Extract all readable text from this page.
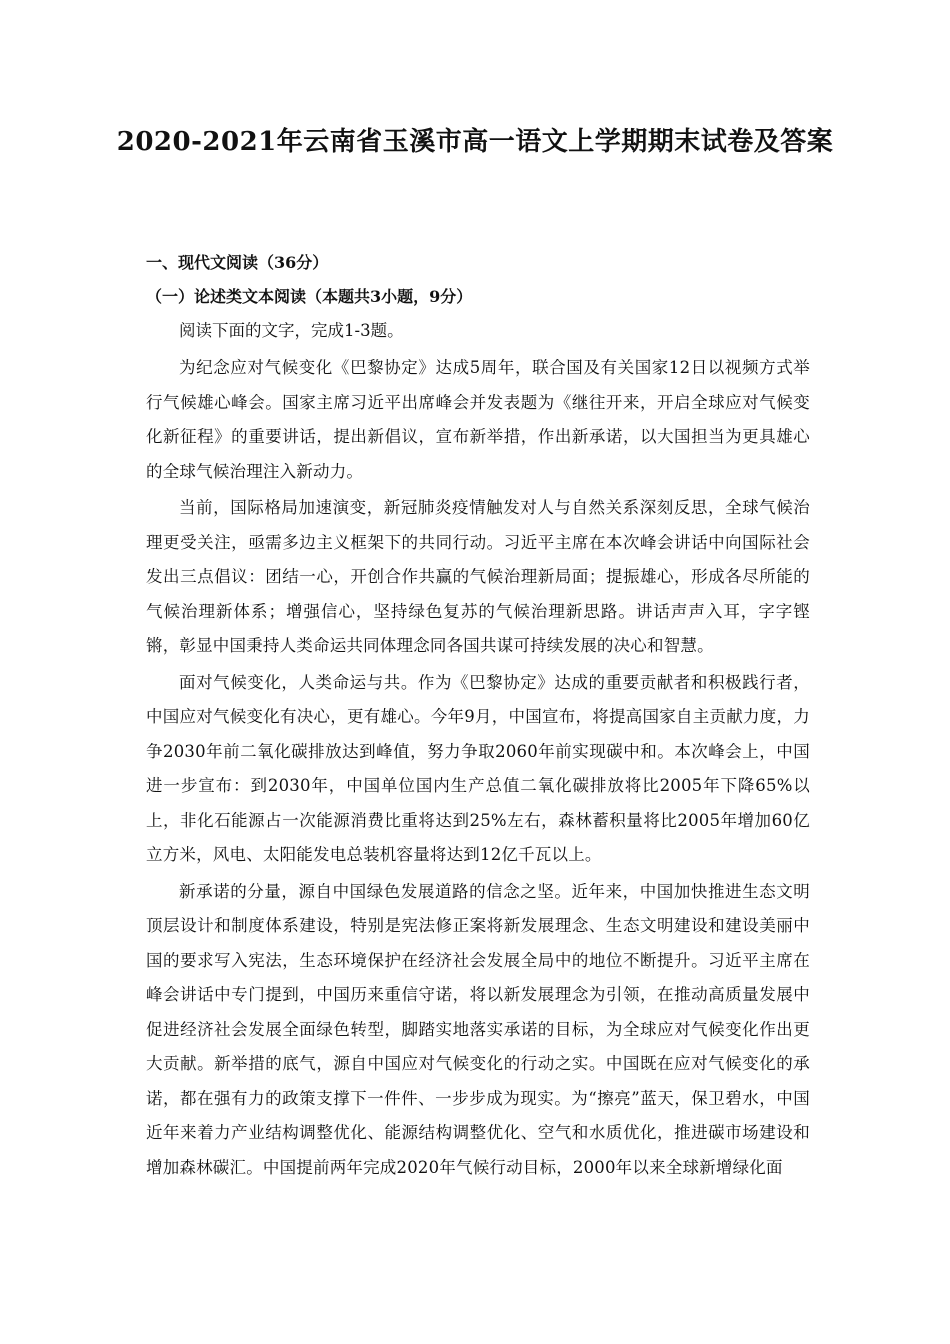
2020-2021年云南省玉溪市高一语文上学期期末试卷及答案

一、现代文阅读（36分）

（一）论述类文本阅读（本题共3小题，9分）

阅读下面的文字，完成1-3题。

为纪念应对气候变化《巴黎协定》达成5周年，联合国及有关国家12日以视频方式举行气候雄心峰会。国家主席习近平出席峰会并发表题为《继往开来，开启全球应对气候变化新征程》的重要讲话，提出新倡议，宣布新举措，作出新承诺，以大国担当为更具雄心的全球气候治理注入新动力。

当前，国际格局加速演变，新冠肺炎疫情触发对人与自然关系深刻反思，全球气候治理更受关注，亟需多边主义框架下的共同行动。习近平主席在本次峰会讲话中向国际社会发出三点倡议：团结一心，开创合作共赢的气候治理新局面；提振雄心，形成各尽所能的气候治理新体系；增强信心，坚持绿色复苏的气候治理新思路。讲话声声入耳，字字铿锵，彰显中国秉持人类命运共同体理念同各国共谋可持续发展的决心和智慧。

面对气候变化，人类命运与共。作为《巴黎协定》达成的重要贡献者和积极践行者，中国应对气候变化有决心，更有雄心。今年9月，中国宣布，将提高国家自主贡献力度，力争2030年前二氧化碳排放达到峰值，努力争取2060年前实现碳中和。本次峰会上，中国进一步宣布：到2030年，中国单位国内生产总值二氧化碳排放将比2005年下降65%以上，非化石能源占一次能源消费比重将达到25%左右，森林蓄积量将比2005年增加60亿立方米，风电、太阳能发电总装机容量将达到12亿千瓦以上。

新承诺的分量，源自中国绿色发展道路的信念之坚。近年来，中国加快推进生态文明顶层设计和制度体系建设，特别是宪法修正案将新发展理念、生态文明建设和建设美丽中国的要求写入宪法，生态环境保护在经济社会发展全局中的地位不断提升。习近平主席在峰会讲话中专门提到，中国历来重信守诺，将以新发展理念为引领，在推动高质量发展中促进经济社会发展全面绿色转型，脚踏实地落实承诺的目标，为全球应对气候变化作出更大贡献。新举措的底气，源自中国应对气候变化的行动之实。中国既在应对气候变化的承诺，都在强有力的政策支撑下一件件、一步步成为现实。为“擦亮”蓝天，保卫碧水，中国近年来着力产业结构调整优化、能源结构调整优化、空气和水质优化，推进碳市场建设和增加森林碳汇。中国提前两年完成2020年气候行动目标，2000年以来全球新增绿化面
